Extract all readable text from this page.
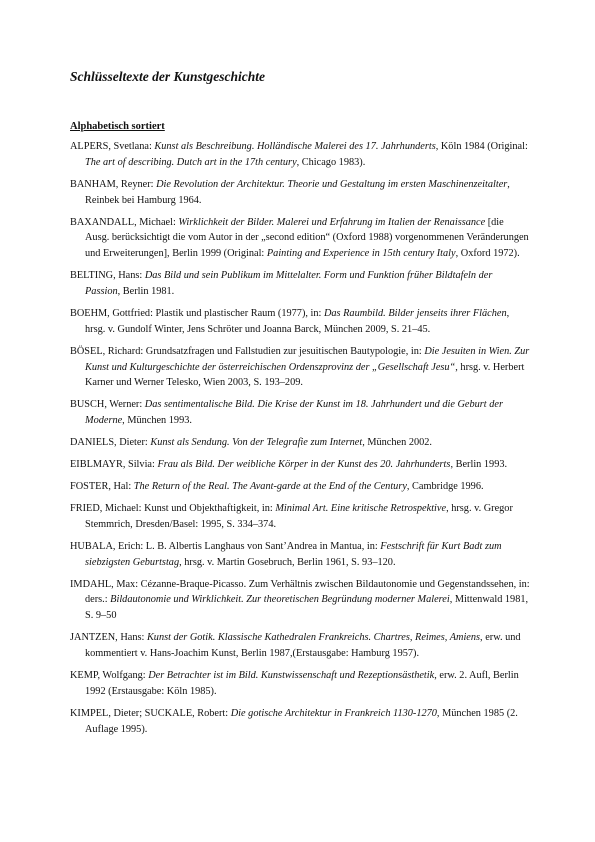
Schlüsseltexte der Kunstgeschichte
Alphabetisch sortiert
ALPERS, Svetlana: Kunst als Beschreibung. Holländische Malerei des 17. Jahrhunderts, Köln 1984 (Original: The art of describing. Dutch art in the 17th century, Chicago 1983).
BANHAM, Reyner: Die Revolution der Architektur. Theorie und Gestaltung im ersten Maschinenzeitalter, Reinbek bei Hamburg 1964.
BAXANDALL, Michael: Wirklichkeit der Bilder. Malerei und Erfahrung im Italien der Renaissance [die Ausg. berücksichtigt die vom Autor in der „second edition“ (Oxford 1988) vorgenommenen Veränderungen und Erweiterungen], Berlin 1999 (Original: Painting and Experience in 15th century Italy, Oxford 1972).
BELTING, Hans: Das Bild und sein Publikum im Mittelalter. Form und Funktion früher Bildtafeln der Passion, Berlin 1981.
BOEHM, Gottfried: Plastik und plastischer Raum (1977), in: Das Raumbild. Bilder jenseits ihrer Flächen, hrsg. v. Gundolf Winter, Jens Schröter und Joanna Barck, München 2009, S. 21–45.
BÖSEL, Richard: Grundsatzfragen und Fallstudien zur jesuitischen Bautypologie, in: Die Jesuiten in Wien. Zur Kunst und Kulturgeschichte der österreichischen Ordenszprovinz der „Gesellschaft Jesu“, hrsg. v. Herbert Karner und Werner Telesko, Wien 2003, S. 193–209.
BUSCH, Werner: Das sentimentalische Bild. Die Krise der Kunst im 18. Jahrhundert und die Geburt der Moderne, München 1993.
DANIELS, Dieter: Kunst als Sendung. Von der Telegrafie zum Internet, München 2002.
EIBLMAYR, Silvia: Frau als Bild. Der weibliche Körper in der Kunst des 20. Jahrhunderts, Berlin 1993.
FOSTER, Hal: The Return of the Real. The Avant-garde at the End of the Century, Cambridge 1996.
FRIED, Michael: Kunst und Objekthaftigkeit, in: Minimal Art. Eine kritische Retrospektive, hrsg. v. Gregor Stemmrich, Dresden/Basel: 1995, S. 334–374.
HUBALA, Erich: L. B. Albertis Langhaus von Sant’Andrea in Mantua, in: Festschrift für Kurt Badt zum siebzigsten Geburtstag, hrsg. v. Martin Gosebruch, Berlin 1961, S. 93–120.
IMDAHL, Max: Cézanne-Braque-Picasso. Zum Verhältnis zwischen Bildautonomie und Gegenstandssehen, in: ders.: Bildautonomie und Wirklichkeit. Zur theoretischen Begründung moderner Malerei, Mittenwald 1981, S. 9–50
JANTZEN, Hans: Kunst der Gotik. Klassische Kathedralen Frankreichs. Chartres, Reimes, Amiens, erw. und kommentiert v. Hans-Joachim Kunst, Berlin 1987,(Erstausgabe: Hamburg 1957).
KEMP, Wolfgang: Der Betrachter ist im Bild. Kunstwissenschaft und Rezeptionsästhetik, erw. 2. Aufl, Berlin 1992 (Erstausgabe: Köln 1985).
KIMPEL, Dieter; SUCKALE, Robert: Die gotische Architektur in Frankreich 1130-1270, München 1985 (2. Auflage 1995).
